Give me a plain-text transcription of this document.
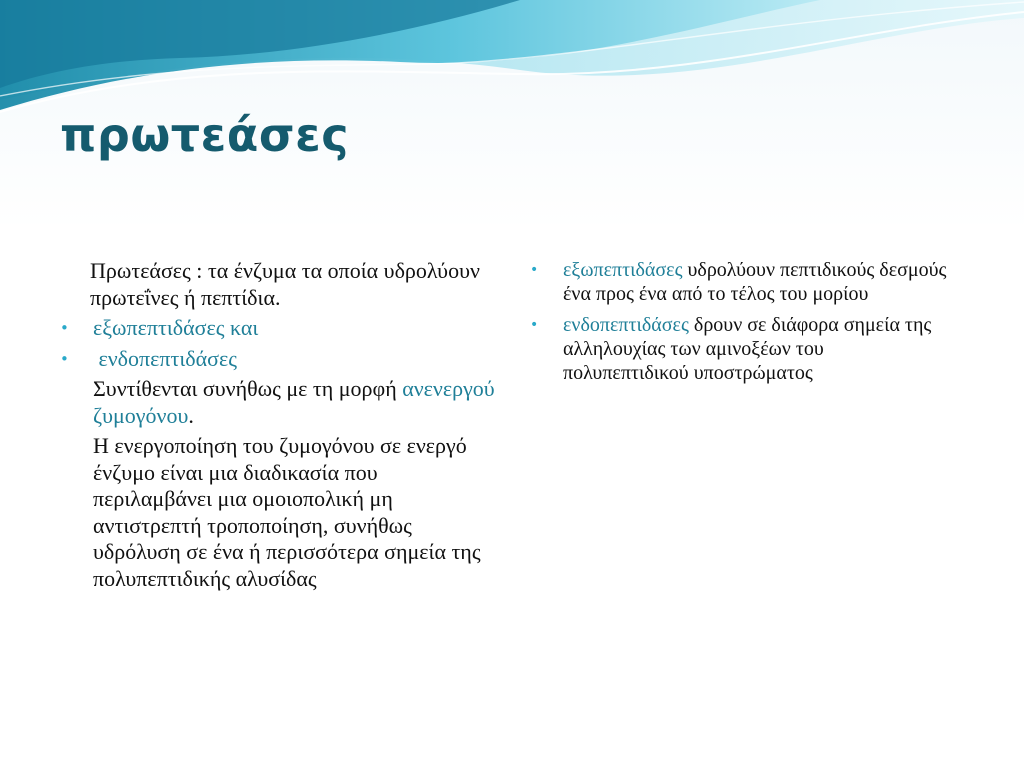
πρωτεάσες

Πρωτεάσες : τα ένζυμα τα οποία υδρολύουν πρωτεΐνες ή πεπτίδια.

• εξωπεπτιδάσες και
• ενδοπεπτιδάσες

Συντίθενται συνήθως με τη μορφή ανενεργού ζυμογόνου.

Η ενεργοποίηση του ζυμογόνου σε ενεργό ένζυμο είναι μια διαδικασία που περιλαμβάνει μια ομοιοπολική μη αντιστρεπτή τροποποίηση, συνήθως υδρόλυση σε ένα ή περισσότερα σημεία της πολυπεπτιδικής αλυσίδας

• εξωπεπτιδάσες υδρολύουν πεπτιδικούς δεσμούς ένα προς ένα από το τέλος του μορίου
• ενδοπεπτιδάσες δρουν σε διάφορα σημεία της αλληλουχίας των αμινοξέων του πολυπεπτιδικού υποστρώματος
